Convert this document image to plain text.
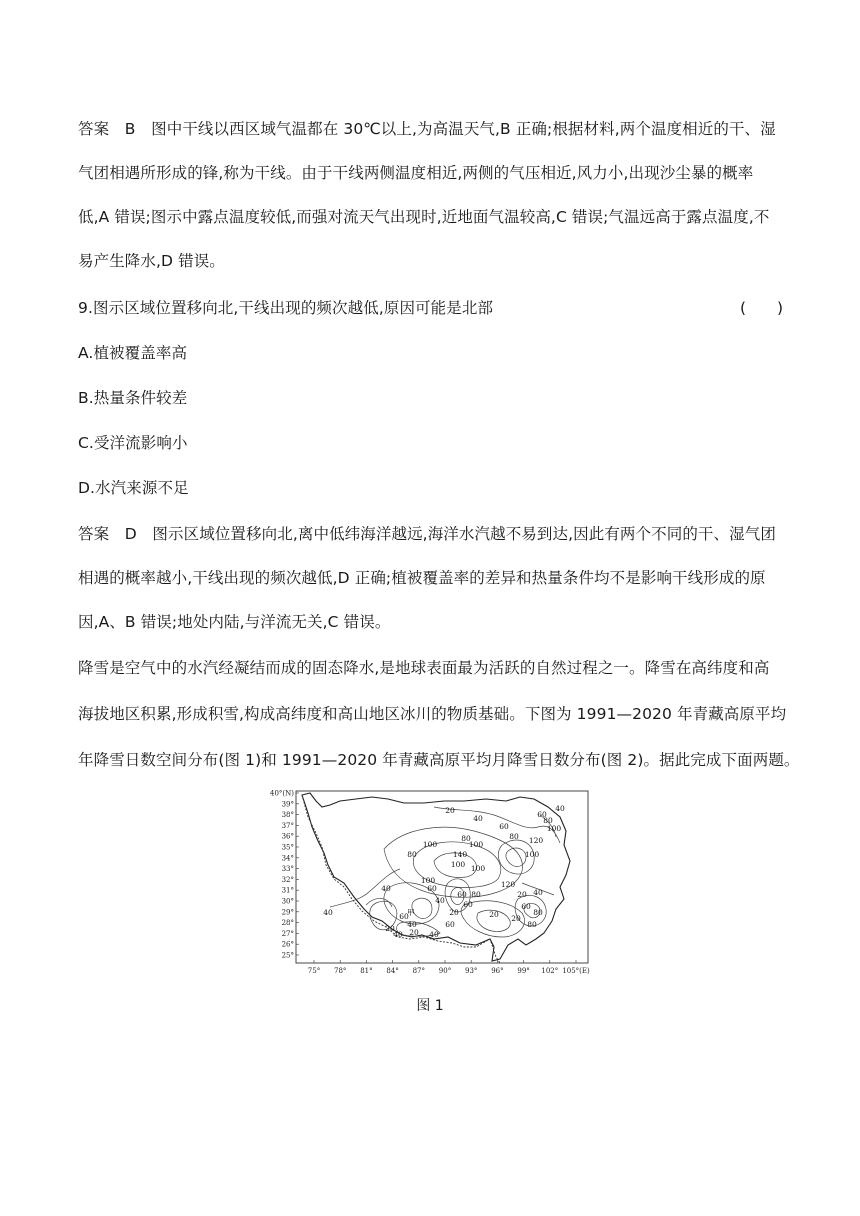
答案　B　图中干线以西区域气温都在 30℃以上,为高温天气,B 正确;根据材料,两个温度相近的干、湿
气团相遇所形成的锋,称为干线。由于干线两侧温度相近,两侧的气压相近,风力小,出现沙尘暴的概率
低,A 错误;图示中露点温度较低,而强对流天气出现时,近地面气温较高,C 错误;气温远高于露点温度,不
易产生降水,D 错误。
9.图示区域位置移向北,干线出现的频次越低,原因可能是北部	(　　)
A.植被覆盖率高
B.热量条件较差
C.受洋流影响小
D.水汽来源不足
答案　D　图示区域位置移向北,离中低纬海洋越远,海洋水汽越不易到达,因此有两个不同的干、湿气团
相遇的概率越小,干线出现的频次越低,D 正确;植被覆盖率的差异和热量条件均不是影响干线形成的原
因,A、B 错误;地处内陆,与洋流无关,C 错误。
降雪是空气中的水汽经凝结而成的固态降水,是地球表面最为活跃的自然过程之一。降雪在高纬度和高
海拔地区积累,形成积雪,构成高纬度和高山地区冰川的物质基础。下图为 1991—2020 年青藏高原平均
年降雪日数空间分布(图 1)和 1991—2020 年青藏高原平均月降雪日数分布(图 2)。据此完成下面两题。
40°(N)
39°
38°
37°
36°
35°
34°
33°
32°
31°
30°
29°
28°
27°
26°
25°
75° 78° 81° 84° 87° 90° 93° 96° 99° 102° 105°(E)
20
40
60
80
100
40
60
80
100
120
80
100
140
100 100
120
100
80
60
40
20
60
40
40
20
60
80
40
20
80
20
60
40
20
100
80
60
40
20
60
40
甲
图 1
